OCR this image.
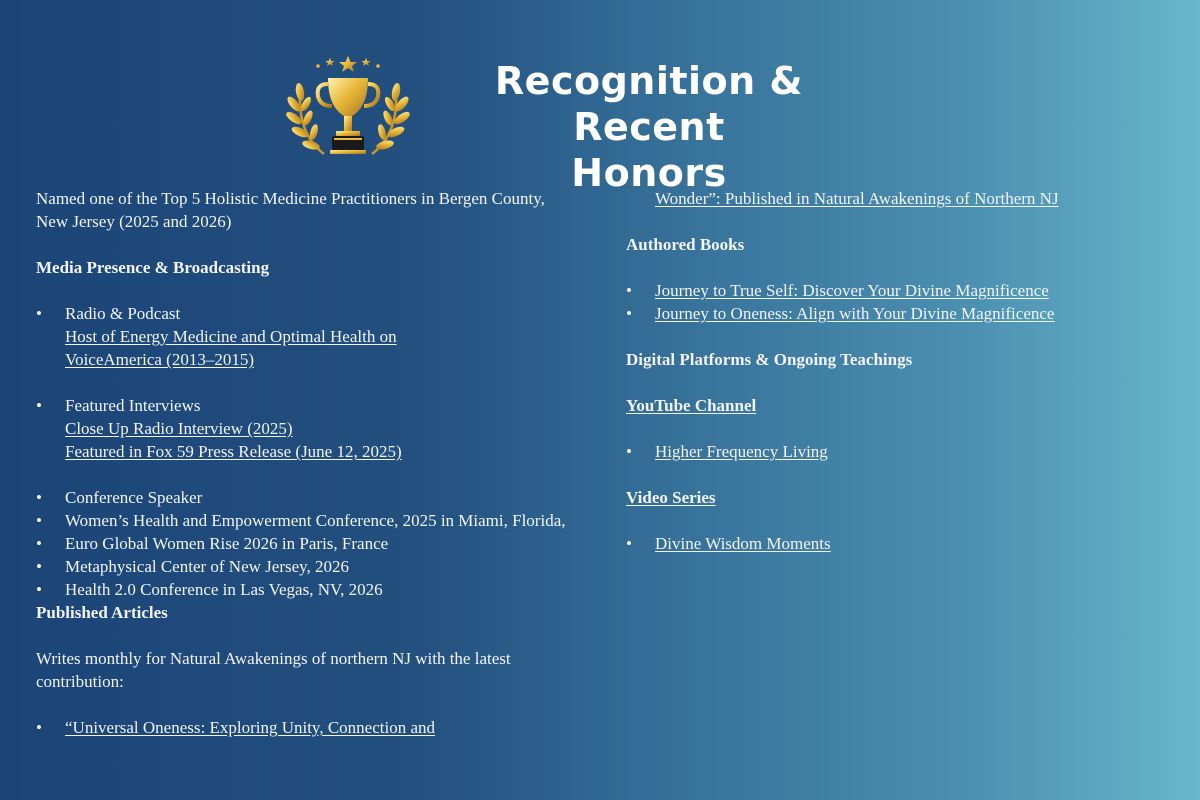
Recognition & Recent
Honors

Named one of the Top 5 Holistic Medicine Practitioners in Bergen County, New Jersey (2025 and 2026)

Media Presence & Broadcasting

• Radio & Podcast
Host of Energy Medicine and Optimal Health on
VoiceAmerica (2013–2015)
• Featured Interviews
Close Up Radio Interview (2025)
Featured in Fox 59 Press Release (June 12, 2025)
• Conference Speaker
• Women’s Health and Empowerment Conference, 2025 in Miami, Florida,
• Euro Global Women Rise 2026 in Paris, France
• Metaphysical Center of New Jersey, 2026
• Health 2.0 Conference in Las Vegas, NV, 2026

Published Articles

Writes monthly for Natural Awakenings of northern NJ with the latest contribution:

• “Universal Oneness: Exploring Unity, Connection and

Wonder”: Published in Natural Awakenings of Northern NJ

Authored Books

• Journey to True Self: Discover Your Divine Magnificence
• Journey to Oneness: Align with Your Divine Magnificence

Digital Platforms & Ongoing Teachings

YouTube Channel

• Higher Frequency Living

Video Series

• Divine Wisdom Moments
